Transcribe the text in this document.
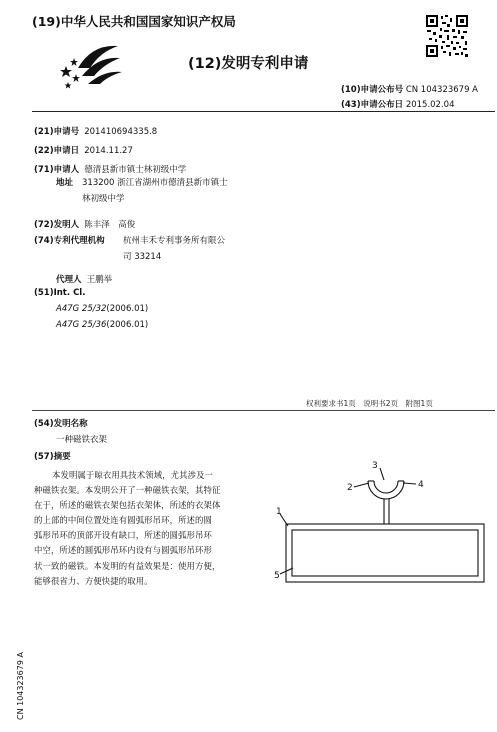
(19)中华人民共和国国家知识产权局
(12)发明专利申请
(10)申请公布号 CN 104323679 A
(43)申请公布日 2015.02.04
(21)申请号 201410694335.8
(22)申请日 2014.11.27
(71)申请人 德清县新市镇士林初级中学
地址 313200 浙江省湖州市德清县新市镇士
林初级中学
(72)发明人 陈丰泽　高俊
(74)专利代理机构 杭州丰禾专利事务所有限公
司 33214
代理人 王鹏举
(51)Int. Cl.
A47G 25/32(2006.01)
A47G 25/36(2006.01)
权利要求书1页　说明书2页　附图1页
(54)发明名称
一种磁铁衣架
(57)摘要
本发明属于晾衣用具技术领域，尤其涉及一
种磁铁衣架。本发明公开了一种磁铁衣架，其特征
在于，所述的磁铁衣架包括衣架体，所述的衣架体
的上部的中间位置处连有圆弧形吊环，所述的圆
弧形吊环的顶部开设有缺口，所述的圆弧形吊环
中空，所述的圆弧形吊环内设有与圆弧形吊环形
状一致的磁铁。本发明的有益效果是：使用方便，
能够很省力、方便快捷的取用。
3
2	4
1
5
CN 104323679 A
